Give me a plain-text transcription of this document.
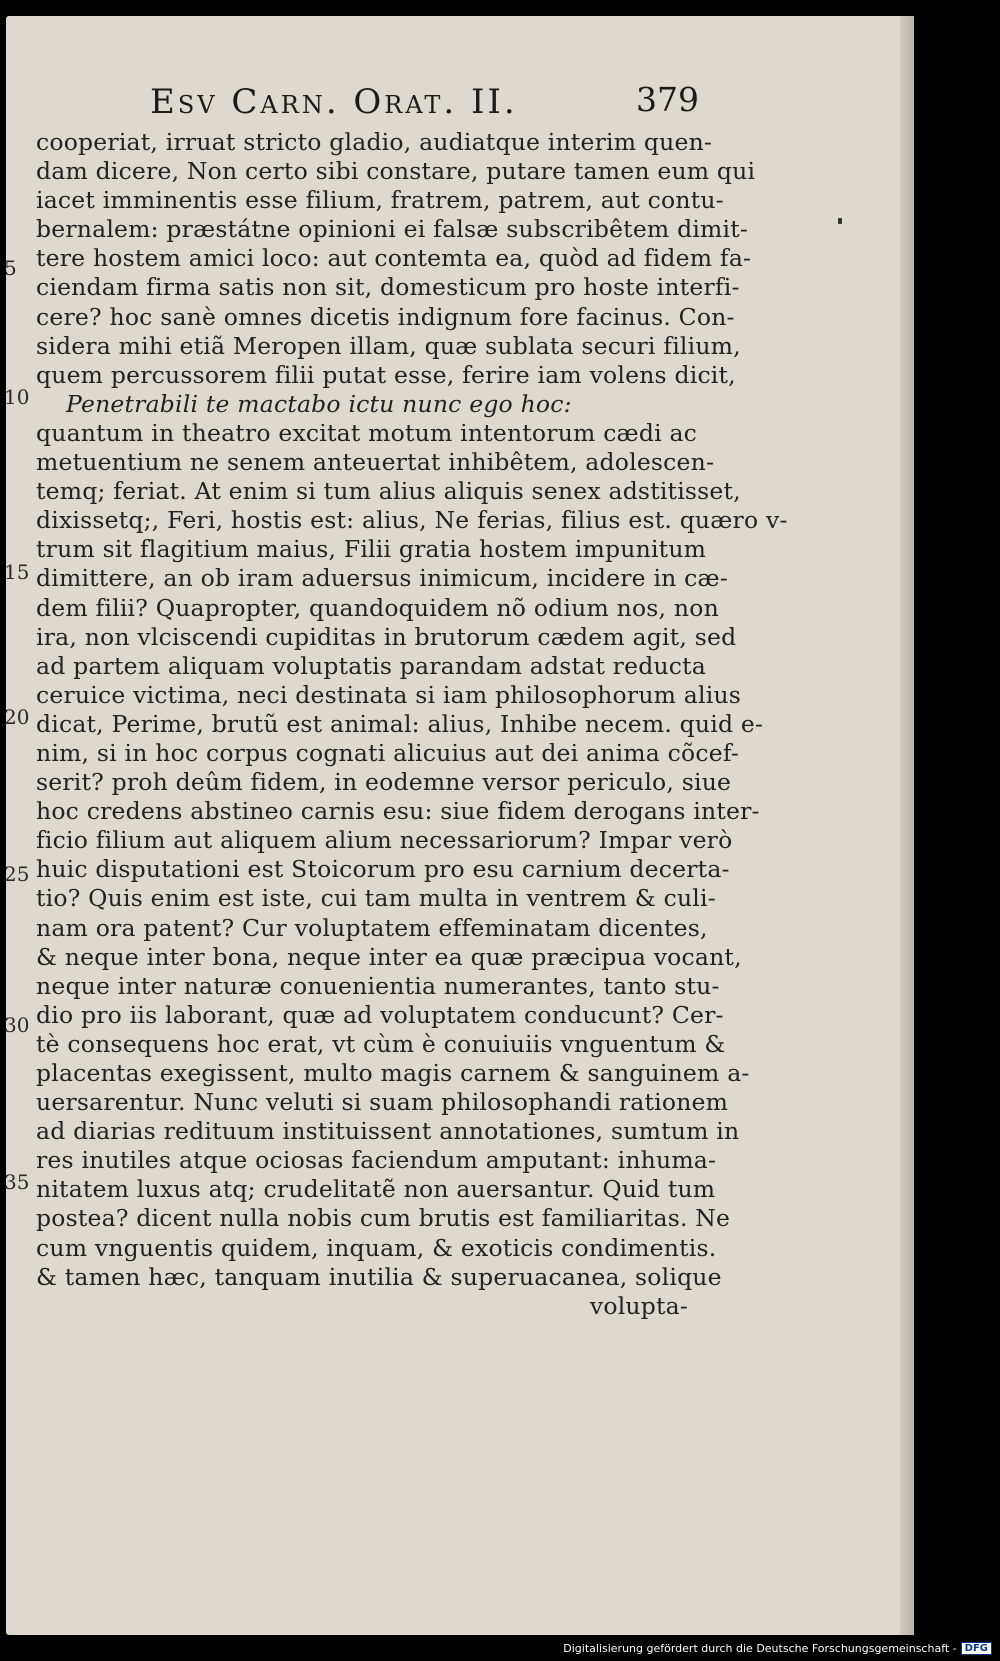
Esv Carn. Orat. II.	379
5
10
15
20
25
30
35
cooperiat, irruat stricto gladio, audiatque interim quen-
dam dicere, Non certo sibi constare, putare tamen eum qui
iacet imminentis esse filium, fratrem, patrem, aut contu-
bernalem: præstátne opinioni ei falsæ subscribêtem dimit-
tere hostem amici loco: aut contemta ea, quòd ad fidem fa-
ciendam firma satis non sit, domesticum pro hoste interfi-
cere? hoc sanè omnes dicetis indignum fore facinus. Con-
sidera mihi etiã Meropen illam, quæ sublata securi filium,
quem percussorem filii putat esse, ferire iam volens dicit,
Penetrabili te mactabo ictu nunc ego hoc:
quantum in theatro excitat motum intentorum cædi ac
metuentium ne senem anteuertat inhibêtem, adolescen-
temq; feriat. At enim si tum alius aliquis senex adstitisset,
dixissetq;, Feri, hostis est: alius, Ne ferias, filius est. quæro v-
trum sit flagitium maius, Filii gratia hostem impunitum
dimittere, an ob iram aduersus inimicum, incidere in cæ-
dem filii? Quapropter, quandoquidem nõ odium nos, non
ira, non vlciscendi cupiditas in brutorum cædem agit, sed
ad partem aliquam voluptatis parandam adstat reducta
ceruice victima, neci destinata si iam philosophorum alius
dicat, Perime, brutũ est animal: alius, Inhibe necem. quid e-
nim, si in hoc corpus cognati alicuius aut dei anima cõcef-
serit? proh deûm fidem, in eodemne versor periculo, siue
hoc credens abstineo carnis esu: siue fidem derogans inter-
ficio filium aut aliquem alium necessariorum? Impar verò
huic disputationi est Stoicorum pro esu carnium decerta-
tio? Quis enim est iste, cui tam multa in ventrem & culi-
nam ora patent? Cur voluptatem effeminatam dicentes,
& neque inter bona, neque inter ea quæ præcipua vocant,
neque inter naturæ conuenientia numerantes, tanto stu-
dio pro iis laborant, quæ ad voluptatem conducunt? Cer-
tè consequens hoc erat, vt cùm è conuiuiis vnguentum &
placentas exegissent, multo magis carnem & sanguinem a-
uersarentur. Nunc veluti si suam philosophandi rationem
ad diarias redituum instituissent annotationes, sumtum in
res inutiles atque ociosas faciendum amputant: inhuma-
nitatem luxus atq; crudelitatẽ non auersantur. Quid tum
postea? dicent nulla nobis cum brutis est familiaritas. Ne
cum vnguentis quidem, inquam, & exoticis condimentis.
& tamen hæc, tanquam inutilia & superuacanea, solique
volupta-
Digitalisierung gefördert durch die Deutsche Forschungsgemeinschaft - DFG
